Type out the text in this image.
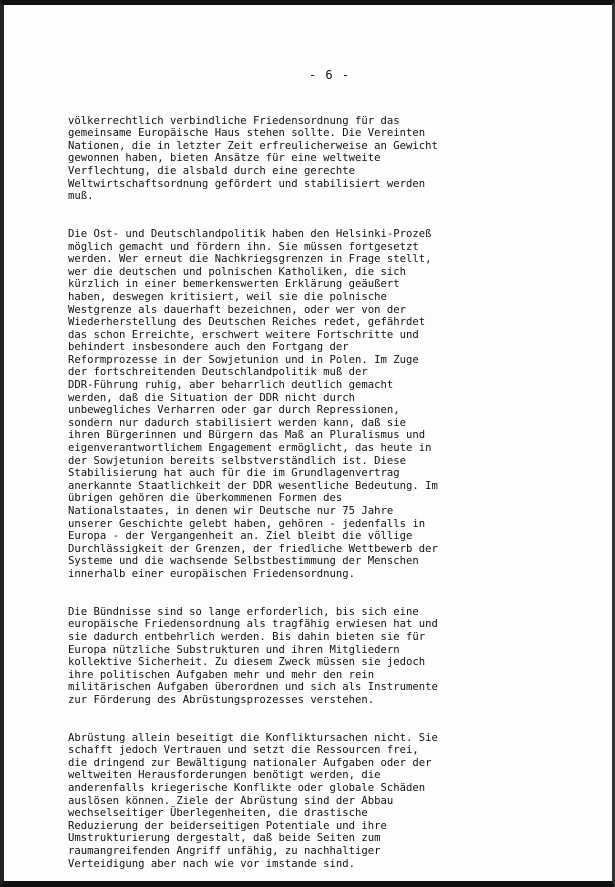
- 6 -

völkerrechtlich verbindliche Friedensordnung für das
gemeinsame Europäische Haus stehen sollte. Die Vereinten
Nationen, die in letzter Zeit erfreulicherweise an Gewicht
gewonnen haben, bieten Ansätze für eine weltweite
Verflechtung, die alsbald durch eine gerechte
Weltwirtschaftsordnung gefördert und stabilisiert werden
muß.

Die Ost- und Deutschlandpolitik haben den Helsinki-Prozeß
möglich gemacht und fördern ihn. Sie müssen fortgesetzt
werden. Wer erneut die Nachkriegsgrenzen in Frage stellt,
wer die deutschen und polnischen Katholiken, die sich
kürzlich in einer bemerkenswerten Erklärung geäußert
haben, deswegen kritisiert, weil sie die polnische
Westgrenze als dauerhaft bezeichnen, oder wer von der
Wiederherstellung des Deutschen Reiches redet, gefährdet
das schon Erreichte, erschwert weitere Fortschritte und
behindert insbesondere auch den Fortgang der
Reformprozesse in der Sowjetunion und in Polen. Im Zuge
der fortschreitenden Deutschlandpolitik muß der
DDR-Führung ruhig, aber beharrlich deutlich gemacht
werden, daß die Situation der DDR nicht durch
unbewegliches Verharren oder gar durch Repressionen,
sondern nur dadurch stabilisiert werden kann, daß sie
ihren Bürgerinnen und Bürgern das Maß an Pluralismus und
eigenverantwortlichem Engagement ermöglicht, das heute in
der Sowjetunion bereits selbstverständlich ist. Diese
Stabilisierung hat auch für die im Grundlagenvertrag
anerkannte Staatlichkeit der DDR wesentliche Bedeutung. Im
übrigen gehören die überkommenen Formen des
Nationalstaates, in denen wir Deutsche nur 75 Jahre
unserer Geschichte gelebt haben, gehören - jedenfalls in
Europa - der Vergangenheit an. Ziel bleibt die völlige
Durchlässigkeit der Grenzen, der friedliche Wettbewerb der
Systeme und die wachsende Selbstbestimmung der Menschen
innerhalb einer europäischen Friedensordnung.

Die Bündnisse sind so lange erforderlich, bis sich eine
europäische Friedensordnung als tragfähig erwiesen hat und
sie dadurch entbehrlich werden. Bis dahin bieten sie für
Europa nützliche Substrukturen und ihren Mitgliedern
kollektive Sicherheit. Zu diesem Zweck müssen sie jedoch
ihre politischen Aufgaben mehr und mehr den rein
militärischen Aufgaben überordnen und sich als Instrumente
zur Förderung des Abrüstungsprozesses verstehen.

Abrüstung allein beseitigt die Konfliktursachen nicht. Sie
schafft jedoch Vertrauen und setzt die Ressourcen frei,
die dringend zur Bewältigung nationaler Aufgaben oder der
weltweiten Herausforderungen benötigt werden, die
anderenfalls kriegerische Konflikte oder globale Schäden
auslösen können. Ziele der Abrüstung sind der Abbau
wechselseitiger Überlegenheiten, die drastische
Reduzierung der beiderseitigen Potentiale und ihre
Umstrukturierung dergestalt, daß beide Seiten zum
raumangreifenden Angriff unfähig, zu nachhaltiger
Verteidigung aber nach wie vor imstande sind.
